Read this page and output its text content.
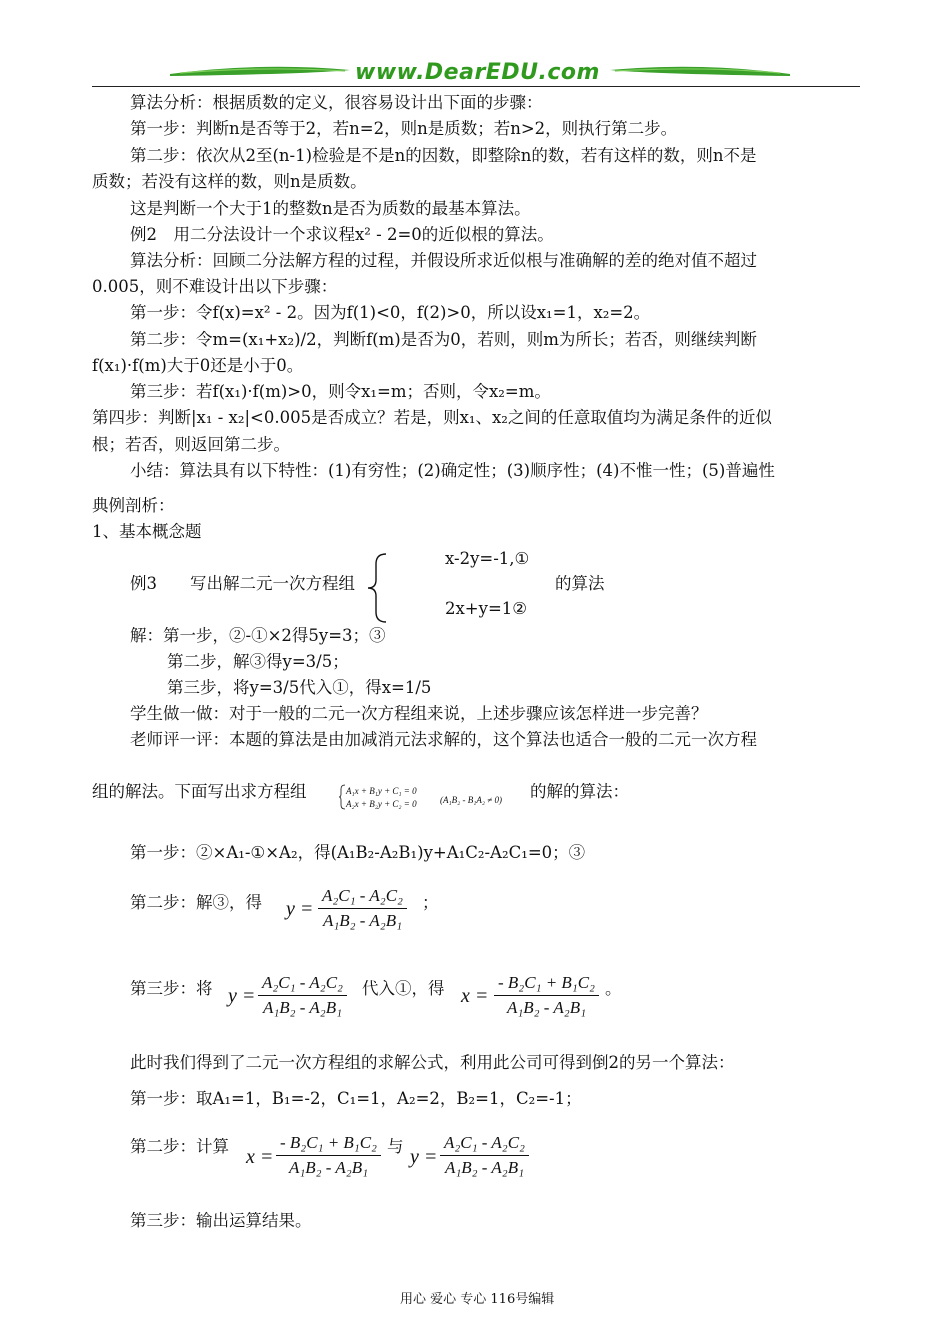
www.DearEDU.com
算法分析：根据质数的定义，很容易设计出下面的步骤：
第一步：判断n是否等于2，若n=2，则n是质数；若n>2，则执行第二步。
第二步：依次从2至(n-1)检验是不是n的因数，即整除n的数，若有这样的数，则n不是
质数；若没有这样的数，则n是质数。
这是判断一个大于1的整数n是否为质数的最基本算法。
例2　用二分法设计一个求议程x² - 2=0的近似根的算法。
算法分析：回顾二分法解方程的过程，并假设所求近似根与准确解的差的绝对值不超过
0.005，则不难设计出以下步骤：
第一步：令f(x)=x² - 2。因为f(1)<0，f(2)>0，所以设x₁=1，x₂=2。
第二步：令m=(x₁+x₂)/2，判断f(m)是否为0，若则，则m为所长；若否，则继续判断
f(x₁)·f(m)大于0还是小于0。
第三步：若f(x₁)·f(m)>0，则令x₁=m；否则，令x₂=m。
第四步：判断|x₁ - x₂|<0.005是否成立？若是，则x₁、x₂之间的任意取值均为满足条件的近似
根；若否，则返回第二步。
小结：算法具有以下特性：(1)有穷性；(2)确定性；(3)顺序性；(4)不惟一性；(5)普遍性
典例剖析：
1、基本概念题
x-2y=-1,①
例3　　写出解二元一次方程组	的算法
2x+y=1②
解：第一步，②-①×2得5y=3；③
第二步，解③得y=3/5；
第三步，将y=3/5代入①，得x=1/5
学生做一做：对于一般的二元一次方程组来说，上述步骤应该怎样进一步完善？
老师评一评：本题的算法是由加减消元法求解的，这个算法也适合一般的二元一次方程
组的解法。下面写出求方程组	A₁x + B₁y + C₁ = 0
A₂x + B₂y + C₂ = 0	(A₁B₂ - B₁A₂ ≠ 0) 的解的算法：
第一步：②×A₁-①×A₂，得(A₁B₂-A₂B₁)y+A₁C₂-A₂C₁=0；③
第二步：解③，得 $y = \frac{\text{A₂C₁ - A₂C₂}}{\text{A₁B₂ - A₂B₁}}$ ；
第三步：将 $y = \frac{\text{A₂C₁ - A₂C₂}}{\text{A₁B₂ - A₂B₁}}$ 代入①，得 $x = \frac{\text{- B₂C₁ + B₁C₂}}{\text{A₁B₂ - A₂B₁}}$ 。
此时我们得到了二元一次方程组的求解公式，利用此公司可得到倒2的另一个算法：
第一步：取A₁=1，B₁=-2，C₁=1，A₂=2，B₂=1，C₂=-1；
第二步：计算 $x = \frac{\text{- B₂C₁ + B₁C₂}}{\text{A₁B₂ - A₂B₁}}$ 与 $y = \frac{\text{A₂C₁ - A₂C₂}}{\text{A₁B₂ - A₂B₁}}$
第三步：输出运算结果。
用心 爱心 专心 116号编辑
